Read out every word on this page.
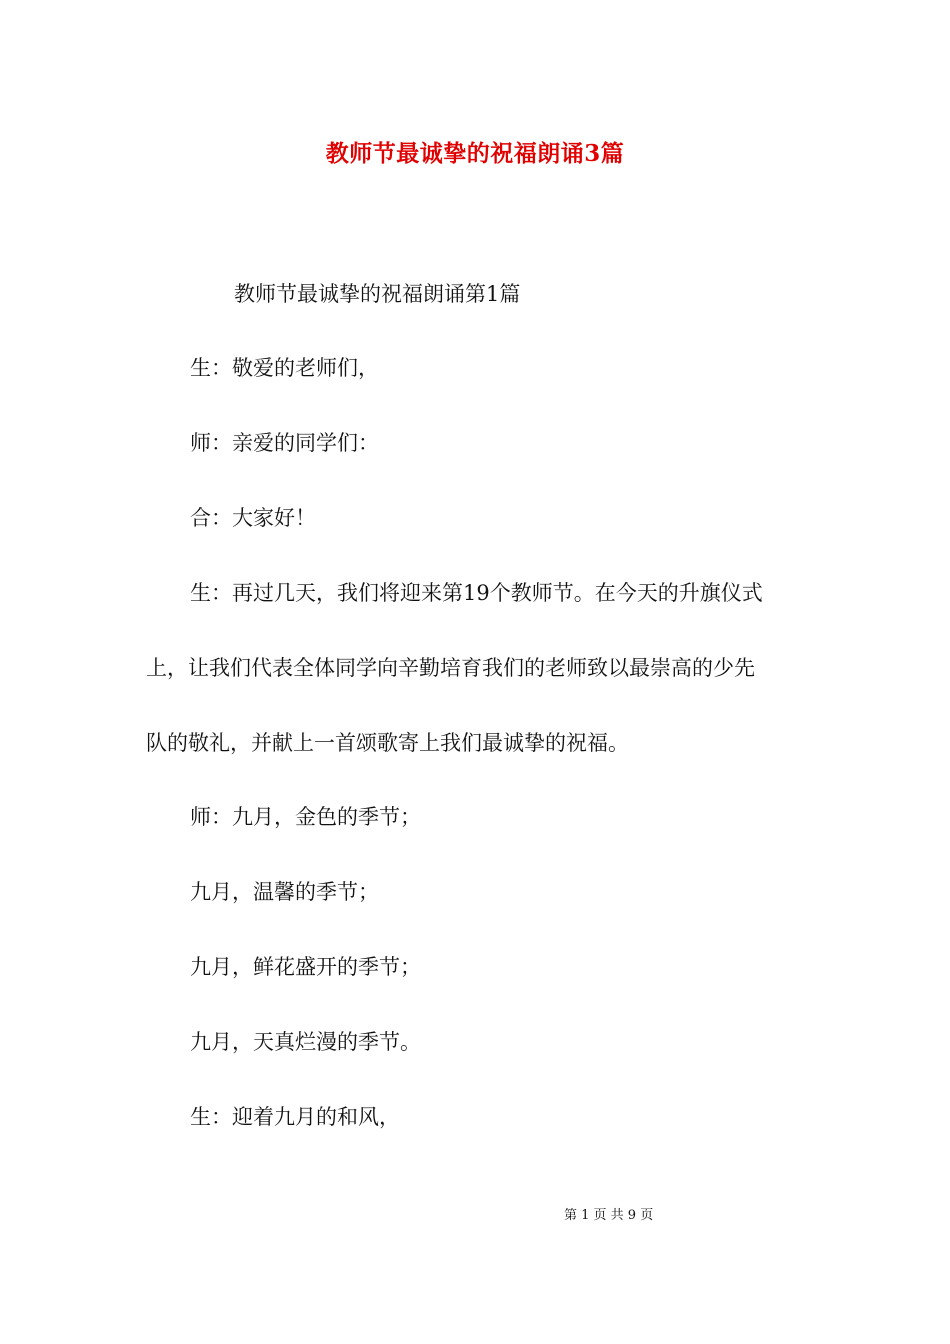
教师节最诚挚的祝福朗诵3篇
教师节最诚挚的祝福朗诵第1篇
生：敬爱的老师们，
师：亲爱的同学们：
合：大家好！
生：再过几天，我们将迎来第19个教师节。在今天的升旗仪式
上，让我们代表全体同学向辛勤培育我们的老师致以最崇高的少先
队的敬礼，并献上一首颂歌寄上我们最诚挚的祝福。
师：九月，金色的季节；
九月，温馨的季节；
九月，鲜花盛开的季节；
九月，天真烂漫的季节。
生：迎着九月的和风，
第 1 页 共 9 页
